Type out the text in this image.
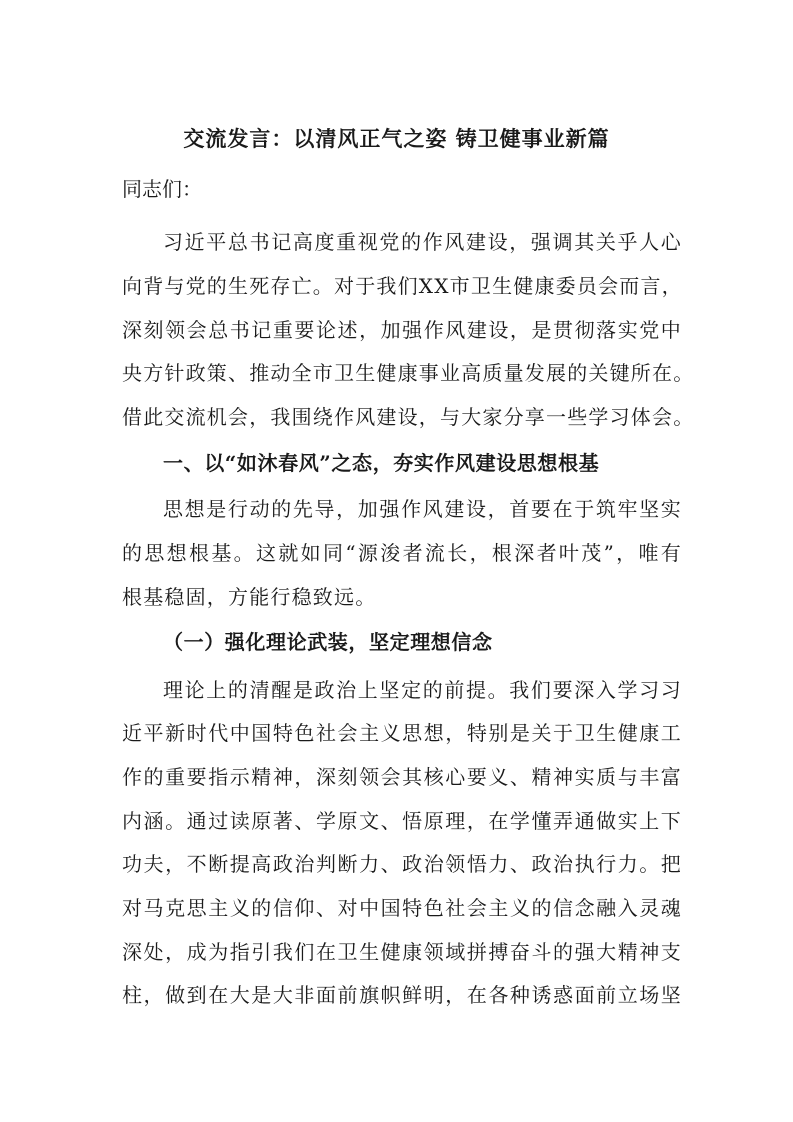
交流发言：以清风正气之姿 铸卫健事业新篇
同志们：
习近平总书记高度重视党的作风建设，强调其关乎人心
向背与党的生死存亡。对于我们XX市卫生健康委员会而言，
深刻领会总书记重要论述，加强作风建设，是贯彻落实党中
央方针政策、推动全市卫生健康事业高质量发展的关键所在。
借此交流机会，我围绕作风建设，与大家分享一些学习体会。
一、以“如沐春风”之态，夯实作风建设思想根基
思想是行动的先导，加强作风建设，首要在于筑牢坚实
的思想根基。这就如同“源浚者流长，根深者叶茂”，唯有
根基稳固，方能行稳致远。
（一）强化理论武装，坚定理想信念
理论上的清醒是政治上坚定的前提。我们要深入学习习
近平新时代中国特色社会主义思想，特别是关于卫生健康工
作的重要指示精神，深刻领会其核心要义、精神实质与丰富
内涵。通过读原著、学原文、悟原理，在学懂弄通做实上下
功夫，不断提高政治判断力、政治领悟力、政治执行力。把
对马克思主义的信仰、对中国特色社会主义的信念融入灵魂
深处，成为指引我们在卫生健康领域拼搏奋斗的强大精神支
柱，做到在大是大非面前旗帜鲜明，在各种诱惑面前立场坚
